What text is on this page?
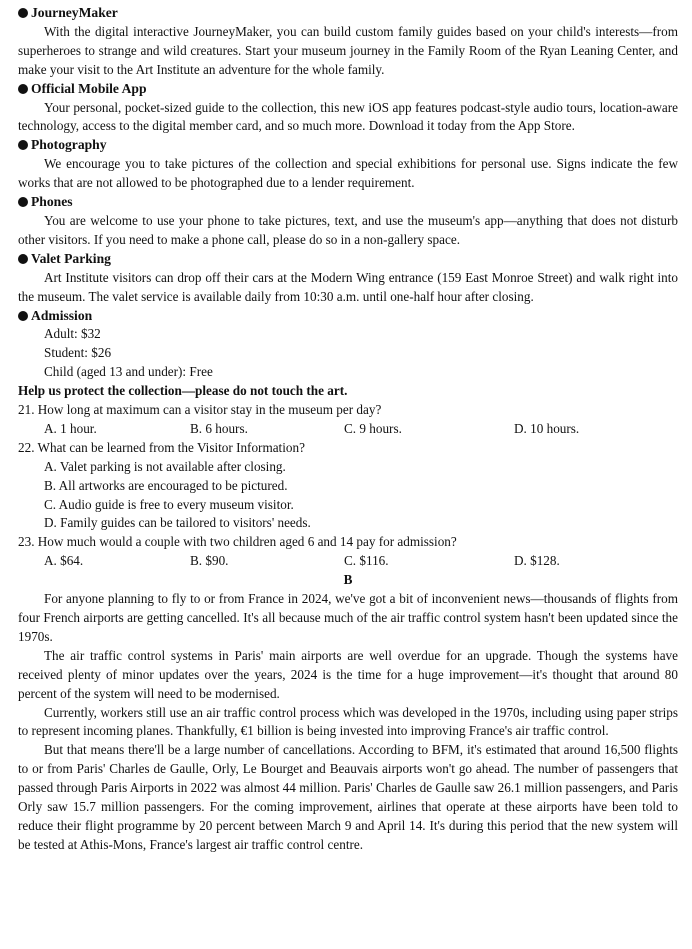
JourneyMaker
With the digital interactive JourneyMaker, you can build custom family guides based on your child's interests—from superheroes to strange and wild creatures. Start your museum journey in the Family Room of the Ryan Leaning Center, and make your visit to the Art Institute an adventure for the whole family.
Official Mobile App
Your personal, pocket-sized guide to the collection, this new iOS app features podcast-style audio tours, location-aware technology, access to the digital member card, and so much more. Download it today from the App Store.
Photography
We encourage you to take pictures of the collection and special exhibitions for personal use. Signs indicate the few works that are not allowed to be photographed due to a lender requirement.
Phones
You are welcome to use your phone to take pictures, text, and use the museum's app—anything that does not disturb other visitors. If you need to make a phone call, please do so in a non-gallery space.
Valet Parking
Art Institute visitors can drop off their cars at the Modern Wing entrance (159 East Monroe Street) and walk right into the museum. The valet service is available daily from 10:30 a.m. until one-half hour after closing.
Admission
Adult: $32
Student: $26
Child (aged 13 and under): Free
Help us protect the collection—please do not touch the art.
21. How long at maximum can a visitor stay in the museum per day?
A. 1 hour.	B. 6 hours.	C. 9 hours.	D. 10 hours.
22. What can be learned from the Visitor Information?
A. Valet parking is not available after closing.
B. All artworks are encouraged to be pictured.
C. Audio guide is free to every museum visitor.
D. Family guides can be tailored to visitors' needs.
23. How much would a couple with two children aged 6 and 14 pay for admission?
A. $64.	B. $90.	C. $116.	D. $128.
B
For anyone planning to fly to or from France in 2024, we've got a bit of inconvenient news—thousands of flights from four French airports are getting cancelled. It's all because much of the air traffic control system hasn't been updated since the 1970s.
The air traffic control systems in Paris' main airports are well overdue for an upgrade. Though the systems have received plenty of minor updates over the years, 2024 is the time for a huge improvement—it's thought that around 80 percent of the system will need to be modernised.
Currently, workers still use an air traffic control process which was developed in the 1970s, including using paper strips to represent incoming planes. Thankfully, €1 billion is being invested into improving France's air traffic control.
But that means there'll be a large number of cancellations. According to BFM, it's estimated that around 16,500 flights to or from Paris' Charles de Gaulle, Orly, Le Bourget and Beauvais airports won't go ahead. The number of passengers that passed through Paris Airports in 2022 was almost 44 million. Paris' Charles de Gaulle saw 26.1 million passengers, and Paris Orly saw 15.7 million passengers. For the coming improvement, airlines that operate at these airports have been told to reduce their flight programme by 20 percent between March 9 and April 14. It's during this period that the new system will be tested at Athis-Mons, France's largest air traffic control centre.
